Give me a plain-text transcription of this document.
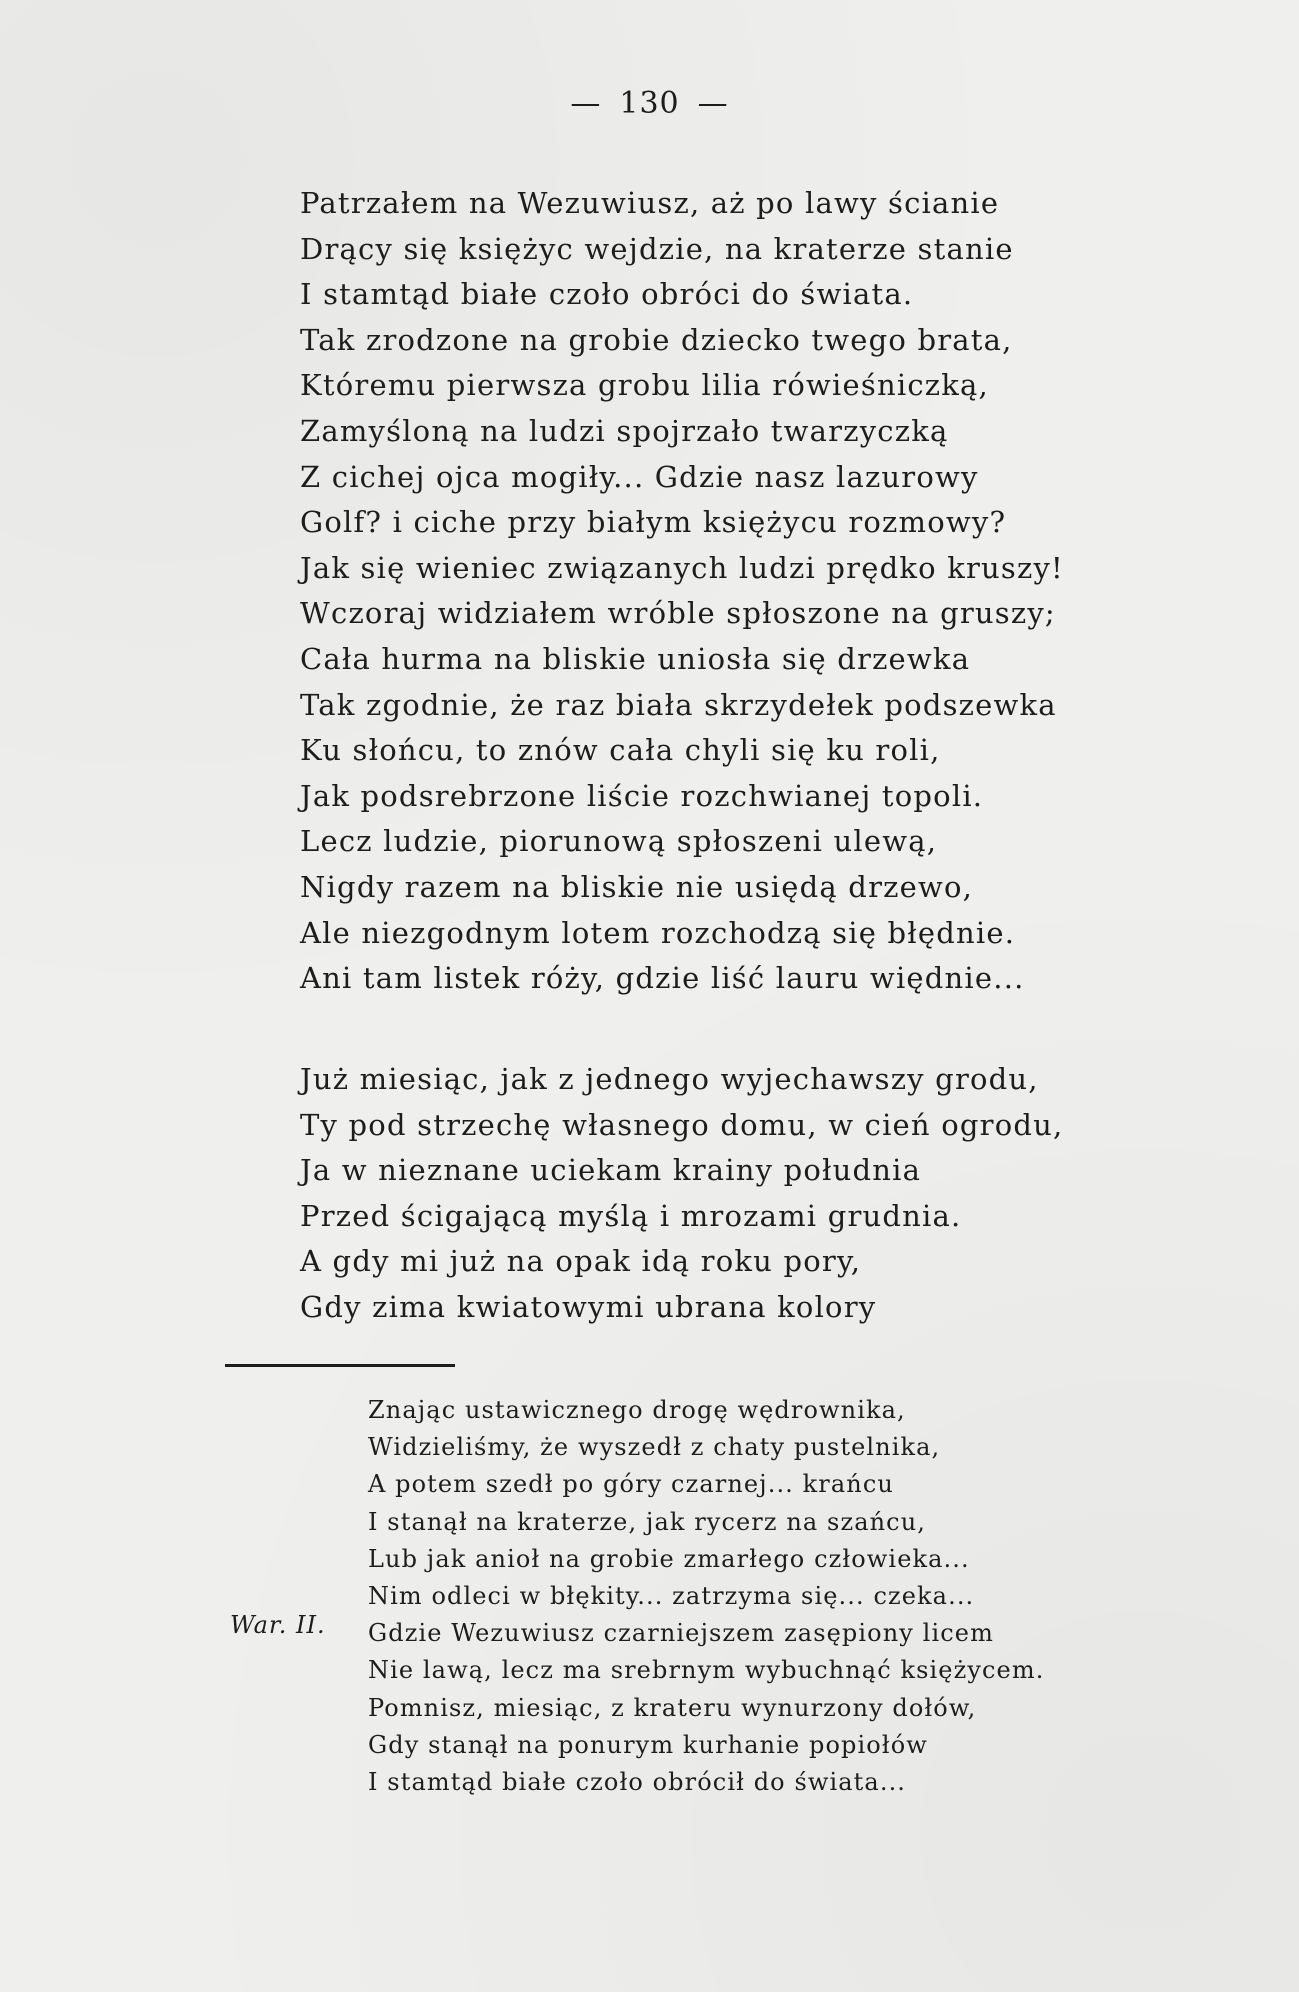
— 130 —
Patrzałem na Wezuwiusz, aż po lawy ścianie
Drący się księżyc wejdzie, na kraterze stanie
I stamtąd białe czoło obróci do świata.
Tak zrodzone na grobie dziecko twego brata,
Któremu pierwsza grobu lilia rówieśniczką,
Zamyśloną na ludzi spojrzało twarzyczką
Z cichej ojca mogiły... Gdzie nasz lazurowy
Golf? i ciche przy białym księżycu rozmowy?
Jak się wieniec związanych ludzi prędko kruszy!
Wczoraj widziałem wróble spłoszone na gruszy;
Cała hurma na bliskie uniosła się drzewka
Tak zgodnie, że raz biała skrzydełek podszewka
Ku słońcu, to znów cała chyli się ku roli,
Jak podsrebrzone liście rozchwianej topoli.
Lecz ludzie, piorunową spłoszeni ulewą,
Nigdy razem na bliskie nie usiędą drzewo,
Ale niezgodnym lotem rozchodzą się błędnie.
Ani tam listek róży, gdzie liść lauru więdnie...
Już miesiąc, jak z jednego wyjechawszy grodu,
Ty pod strzechę własnego domu, w cień ogrodu,
Ja w nieznane uciekam krainy południa
Przed ścigającą myślą i mrozami grudnia.
A gdy mi już na opak idą roku pory,
Gdy zima kwiatowymi ubrana kolory
War. II.
Znając ustawicznego drogę wędrownika,
Widzieliśmy, że wyszedł z chaty pustelnika,
A potem szedł po góry czarnej... krańcu
I stanął na kraterze, jak rycerz na szańcu,
Lub jak anioł na grobie zmarłego człowieka...
Nim odleci w błękity... zatrzyma się... czeka...
Gdzie Wezuwiusz czarniejszem zasępiony licem
Nie lawą, lecz ma srebrnym wybuchnąć księżycem.
Pomnisz, miesiąc, z krateru wynurzony dołów,
Gdy stanął na ponurym kurhanie popiołów
I stamtąd białe czoło obrócił do świata...
